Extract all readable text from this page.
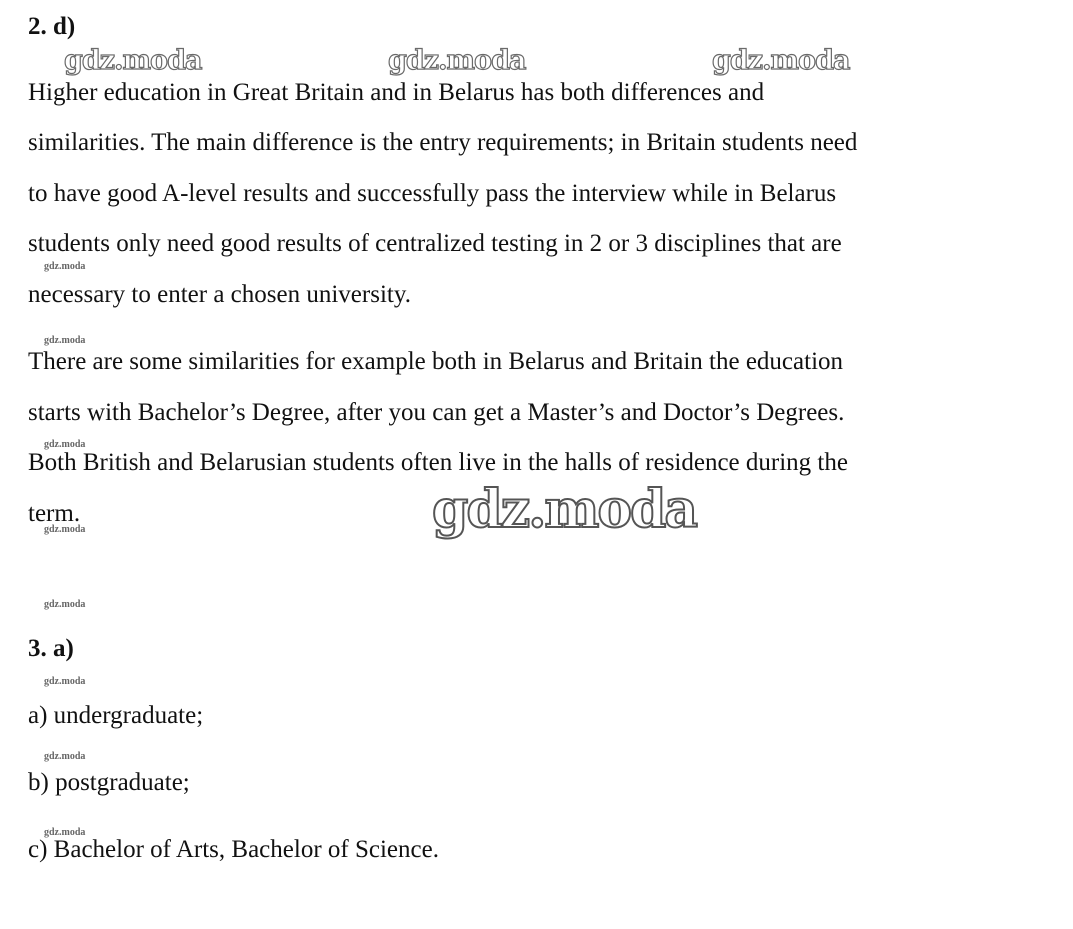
gdz.moda	gdz.moda	gdz.moda
2. d)

Higher education in Great Britain and in Belarus has both differences and

similarities. The main difference is the entry requirements; in Britain students need

to have good A-level results and successfully pass the interview while in Belarus

students only need good results of centralized testing in 2 or 3 disciplines that are

necessary to enter a chosen university.

There are some similarities for example both in Belarus and Britain the education

starts with Bachelor’s Degree, after you can get a Master’s and Doctor’s Degrees.

Both British and Belarusian students often live in the halls of residence during the

term.

gdz.moda
gdz.moda
gdz.moda
gdz.moda
gdz.moda
gdz.moda
gdz.moda
gdz.moda
gdz.moda
3. a)

a) undergraduate;

b) postgraduate;

c) Bachelor of Arts, Bachelor of Science.
